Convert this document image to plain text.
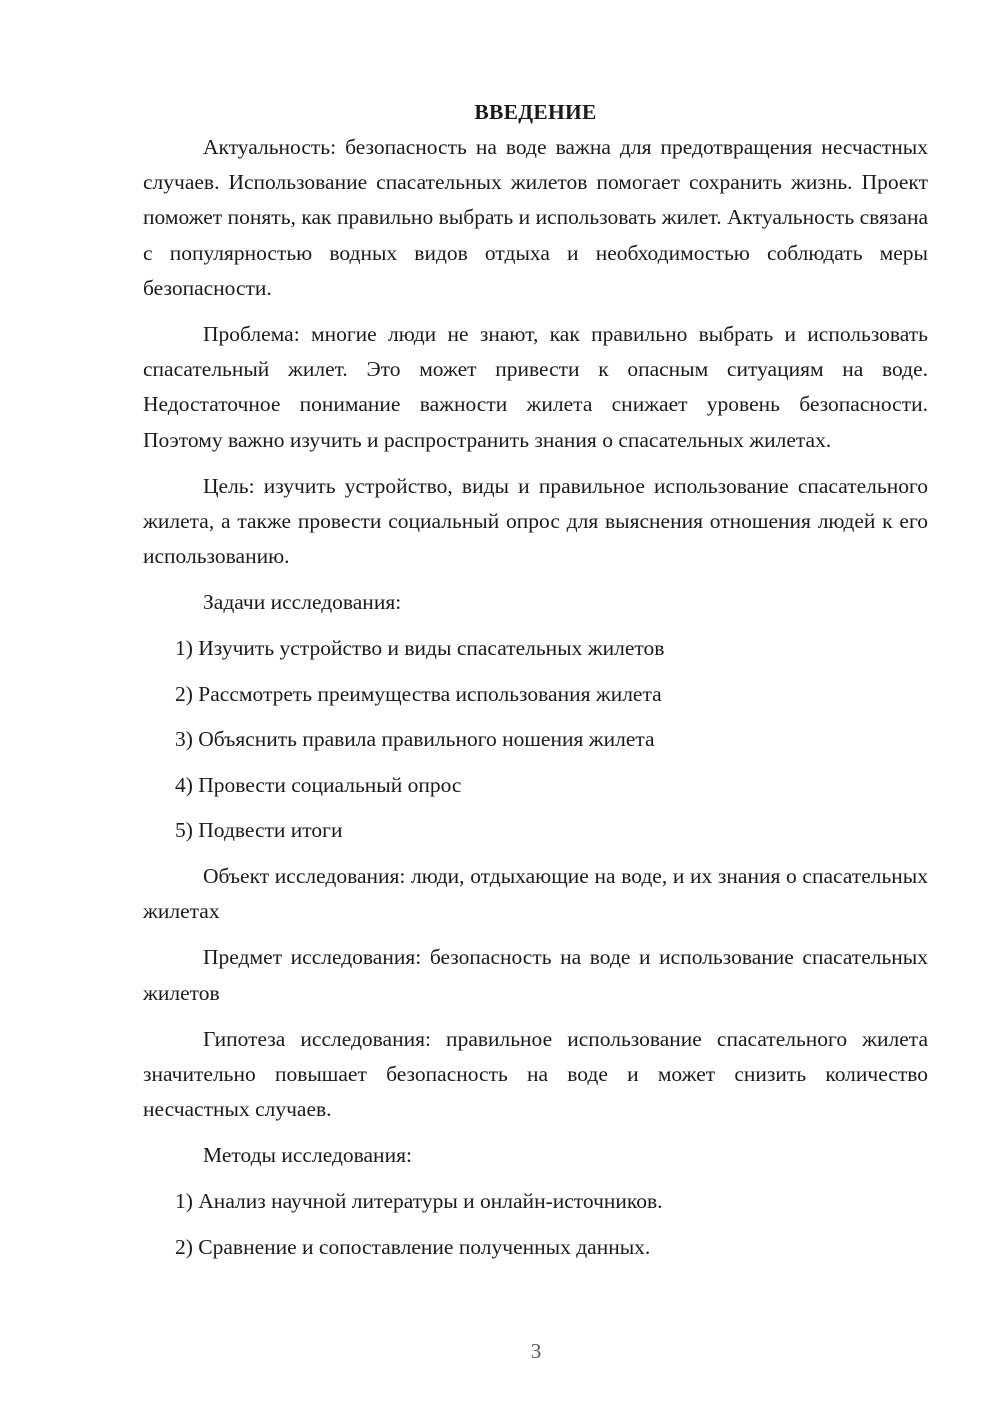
ВВЕДЕНИЕ

Актуальность: безопасность на воде важна для предотвращения несчастных случаев. Использование спасательных жилетов помогает сохранить жизнь. Проект поможет понять, как правильно выбрать и использовать жилет. Актуальность связана с популярностью водных видов отдыха и необходимостью соблюдать меры безопасности.

Проблема: многие люди не знают, как правильно выбрать и использовать спасательный жилет. Это может привести к опасным ситуациям на воде. Недостаточное понимание важности жилета снижает уровень безопасности. Поэтому важно изучить и распространить знания о спасательных жилетах.

Цель: изучить устройство, виды и правильное использование спасательного жилета, а также провести социальный опрос для выяснения отношения людей к его использованию.

Задачи исследования:

1) Изучить устройство и виды спасательных жилетов
2) Рассмотреть преимущества использования жилета
3) Объяснить правила правильного ношения жилета
4) Провести социальный опрос
5) Подвести итоги

Объект исследования: люди, отдыхающие на воде, и их знания о спасательных жилетах

Предмет исследования: безопасность на воде и использование спасательных жилетов

Гипотеза исследования: правильное использование спасательного жилета значительно повышает безопасность на воде и может снизить количество несчастных случаев.

Методы исследования:

1) Анализ научной литературы и онлайн-источников.
2) Сравнение и сопоставление полученных данных.
3
